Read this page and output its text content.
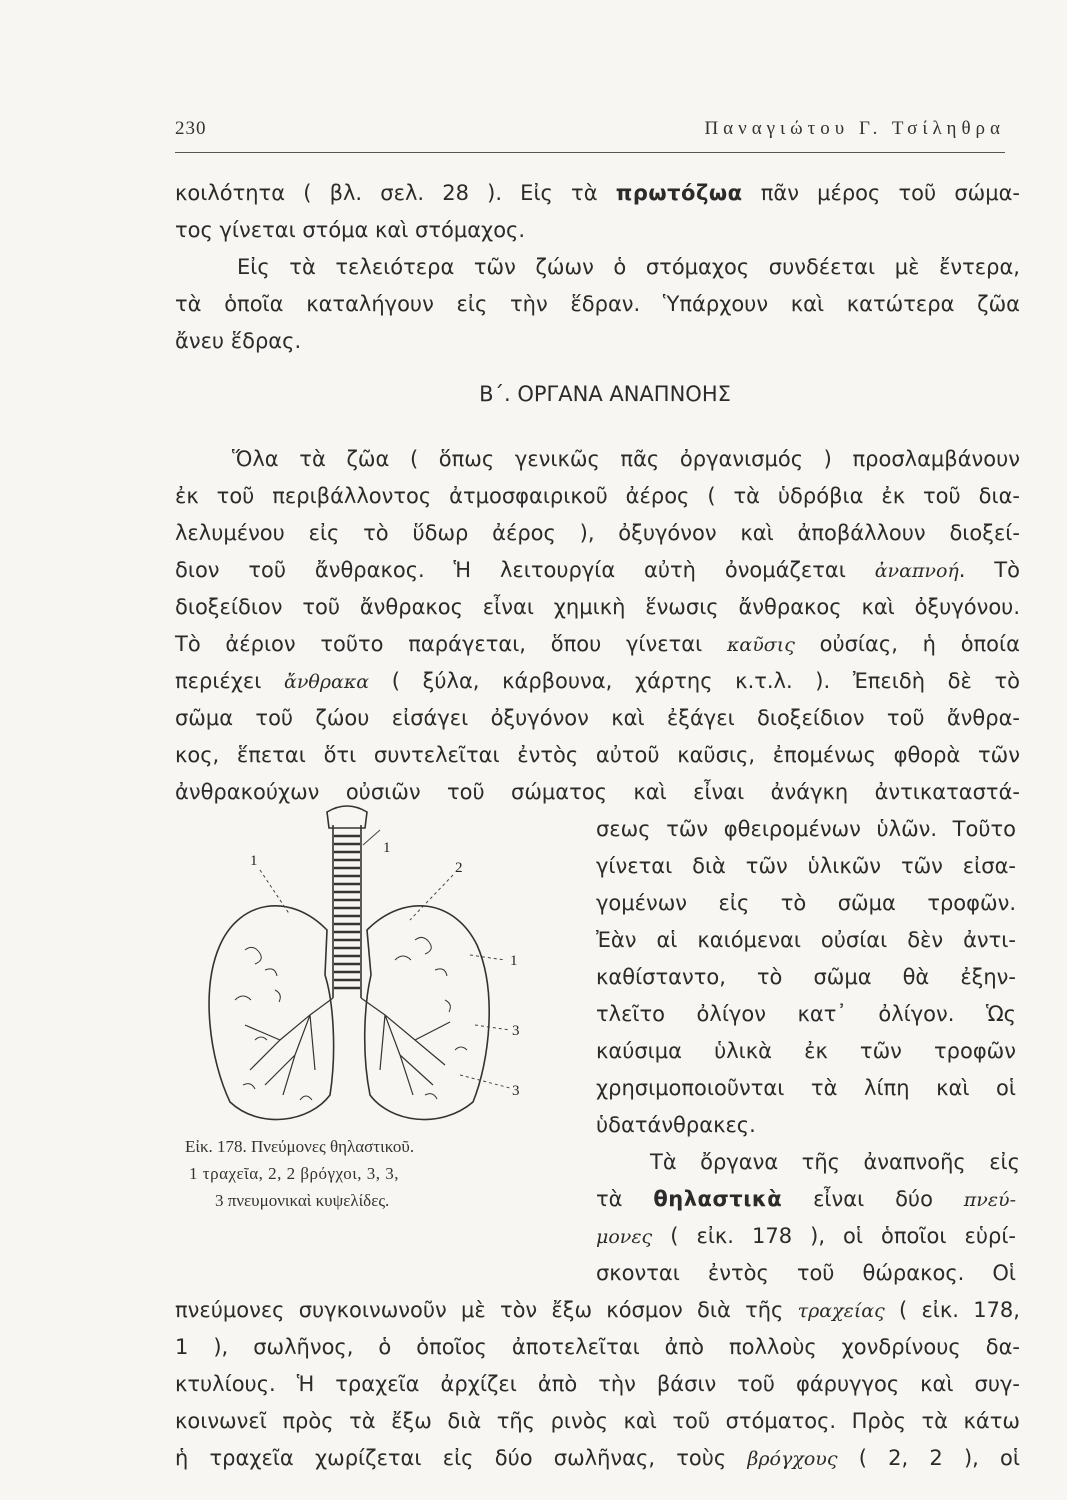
230	Παναγιώτου Γ. Τσίληθρα
κοιλότητα ( βλ. σελ. 28 ). Εἰς τὰ πρωτόζωα πᾶν μέρος τοῦ σώμα-
τος γίνεται στόμα καὶ στόμαχος.
Εἰς τὰ τελειότερα τῶν ζώων ὁ στόμαχος συνδέεται μὲ ἔντερα,
τὰ ὁποῖα καταλήγουν εἰς τὴν ἕδραν. Ὑπάρχουν καὶ κατώτερα ζῶα
ἄνευ ἕδρας.
Β΄. ΟΡΓΑΝΑ ΑΝΑΠΝΟΗΣ
Ὅλα τὰ ζῶα ( ὅπως γενικῶς πᾶς ὀργανισμός ) προσλαμβάνουν
ἐκ τοῦ περιβάλλοντος ἀτμοσφαιρικοῦ ἀέρος ( τὰ ὑδρόβια ἐκ τοῦ δια-
λελυμένου εἰς τὸ ὕδωρ ἀέρος ), ὀξυγόνον καὶ ἀποβάλλουν διοξεί-
διον τοῦ ἄνθρακος. Ἡ λειτουργία αὐτὴ ὀνομάζεται ἀναπνοή. Τὸ
διοξείδιον τοῦ ἄνθρακος εἶναι χημικὴ ἕνωσις ἄνθρακος καὶ ὀξυγόνου.
Τὸ ἀέριον τοῦτο παράγεται, ὅπου γίνεται καῦσις οὐσίας, ἡ ὁποία
περιέχει ἄνθρακα ( ξύλα, κάρβουνα, χάρτης κ.τ.λ. ). Ἐπειδὴ δὲ τὸ
σῶμα τοῦ ζώου εἰσάγει ὀξυγόνον καὶ ἐξάγει διοξείδιον τοῦ ἄνθρα-
κος, ἕπεται ὅτι συντελεῖται ἐντὸς αὐτοῦ καῦσις, ἐπομένως φθορὰ τῶν
ἀνθρακούχων οὐσιῶν τοῦ σώματος καὶ εἶναι ἀνάγκη ἀντικαταστά-
σεως τῶν φθειρομένων ὑλῶν. Τοῦτο
γίνεται διὰ τῶν ὑλικῶν τῶν εἰσα-
γομένων εἰς τὸ σῶμα τροφῶν.
Ἐὰν αἱ καιόμεναι οὐσίαι δὲν ἀντι-
καθίσταντο, τὸ σῶμα θὰ ἐξην-
τλεῖτο ὀλίγον κατ᾽ ὀλίγον. Ὡς
καύσιμα ὑλικὰ ἐκ τῶν τροφῶν
χρησιμοποιοῦνται τὰ λίπη καὶ οἱ
ὑδατάνθρακες.
Τὰ ὄργανα τῆς ἀναπνοῆς εἰς
τὰ θηλαστικὰ εἶναι δύο πνεύ-
μονες ( εἰκ. 178 ), οἱ ὁποῖοι εὑρί-
σκονται ἐντὸς τοῦ θώρακος. Οἱ
πνεύμονες συγκοινωνοῦν μὲ τὸν ἔξω κόσμον διὰ τῆς τραχείας ( εἰκ. 178,
1 ), σωλῆνος, ὁ ὁποῖος ἀποτελεῖται ἀπὸ πολλοὺς χονδρίνους δα-
κτυλίους. Ἡ τραχεῖα ἀρχίζει ἀπὸ τὴν βάσιν τοῦ φάρυγγος καὶ συγ-
κοινωνεῖ πρὸς τὰ ἔξω διὰ τῆς ρινὸς καὶ τοῦ στόματος. Πρὸς τὰ κάτω
ἡ τραχεῖα χωρίζεται εἰς δύο σωλῆνας, τοὺς βρόγχους ( 2, 2 ), οἱ
1
1	2
1
3
3
Εἰκ. 178. Πνεύμονες θηλαστικοῦ.
1 τραχεῖα, 2, 2 βρόγχοι, 3, 3,
3 πνευμονικαὶ κυψελίδες.
